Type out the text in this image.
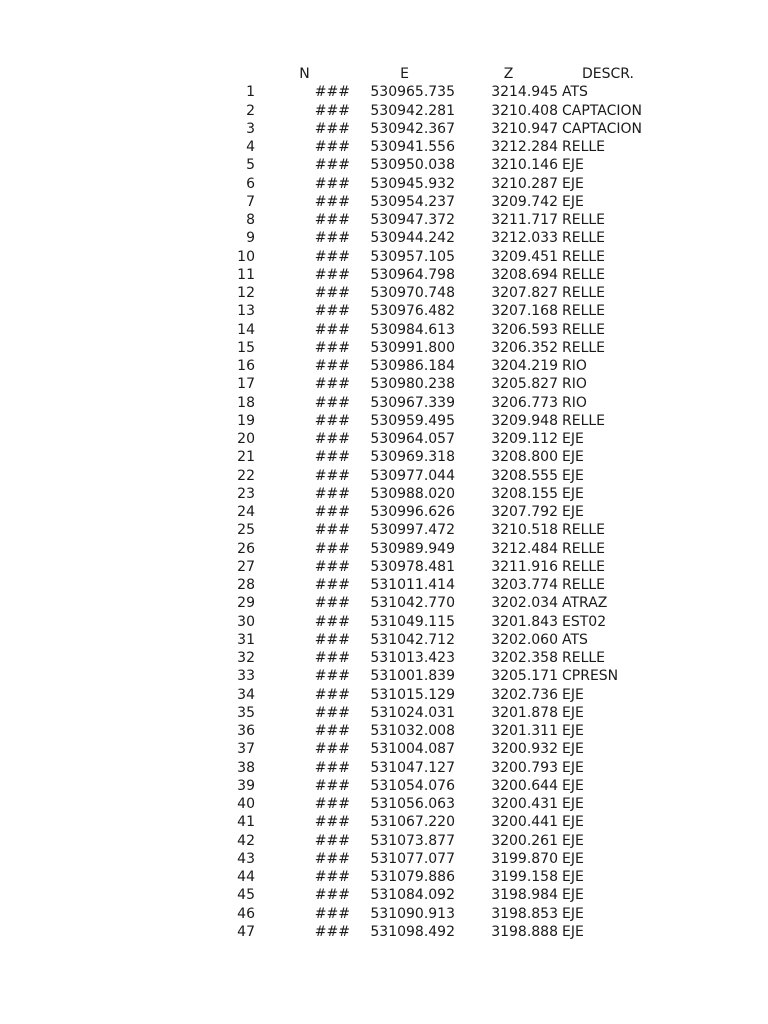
N	E	Z	DESCR.
1	###	530965.735	3214.945 ATS
2	###	530942.281	3210.408 CAPTACION
3	###	530942.367	3210.947 CAPTACION
4	###	530941.556	3212.284 RELLE
5	###	530950.038	3210.146 EJE
6	###	530945.932	3210.287 EJE
7	###	530954.237	3209.742 EJE
8	###	530947.372	3211.717 RELLE
9	###	530944.242	3212.033 RELLE
10	###	530957.105	3209.451 RELLE
11	###	530964.798	3208.694 RELLE
12	###	530970.748	3207.827 RELLE
13	###	530976.482	3207.168 RELLE
14	###	530984.613	3206.593 RELLE
15	###	530991.800	3206.352 RELLE
16	###	530986.184	3204.219 RIO
17	###	530980.238	3205.827 RIO
18	###	530967.339	3206.773 RIO
19	###	530959.495	3209.948 RELLE
20	###	530964.057	3209.112 EJE
21	###	530969.318	3208.800 EJE
22	###	530977.044	3208.555 EJE
23	###	530988.020	3208.155 EJE
24	###	530996.626	3207.792 EJE
25	###	530997.472	3210.518 RELLE
26	###	530989.949	3212.484 RELLE
27	###	530978.481	3211.916 RELLE
28	###	531011.414	3203.774 RELLE
29	###	531042.770	3202.034 ATRAZ
30	###	531049.115	3201.843 EST02
31	###	531042.712	3202.060 ATS
32	###	531013.423	3202.358 RELLE
33	###	531001.839	3205.171 CPRESN
34	###	531015.129	3202.736 EJE
35	###	531024.031	3201.878 EJE
36	###	531032.008	3201.311 EJE
37	###	531004.087	3200.932 EJE
38	###	531047.127	3200.793 EJE
39	###	531054.076	3200.644 EJE
40	###	531056.063	3200.431 EJE
41	###	531067.220	3200.441 EJE
42	###	531073.877	3200.261 EJE
43	###	531077.077	3199.870 EJE
44	###	531079.886	3199.158 EJE
45	###	531084.092	3198.984 EJE
46	###	531090.913	3198.853 EJE
47	###	531098.492	3198.888 EJE
